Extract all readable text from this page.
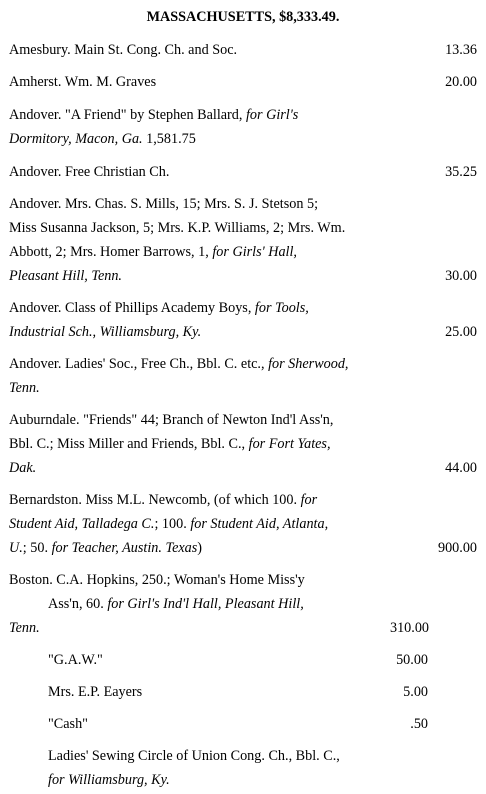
MASSACHUSETTS, $8,333.49.
Amesbury. Main St. Cong. Ch. and Soc.	13.36
Amherst. Wm. M. Graves	20.00
Andover. "A Friend" by Stephen Ballard, for Girl's Dormitory, Macon, Ga. 1,581.75
Andover. Free Christian Ch.	35.25
Andover. Mrs. Chas. S. Mills, 15; Mrs. S. J. Stetson 5; Miss Susanna Jackson, 5; Mrs. K.P. Williams, 2; Mrs. Wm. Abbott, 2; Mrs. Homer Barrows, 1, for Girls' Hall, Pleasant Hill, Tenn.	30.00
Andover. Class of Phillips Academy Boys, for Tools, Industrial Sch., Williamsburg, Ky.	25.00
Andover. Ladies' Soc., Free Ch., Bbl. C. etc., for Sherwood, Tenn.
Auburndale. "Friends" 44; Branch of Newton Ind'l Ass'n, Bbl. C.; Miss Miller and Friends, Bbl. C., for Fort Yates, Dak.	44.00
Bernardston. Miss M.L. Newcomb, (of which 100. for Student Aid, Talladega C.; 100. for Student Aid, Atlanta, U.; 50. for Teacher, Austin. Texas)	900.00
Boston. C.A. Hopkins, 250.; Woman's Home Miss'y
Ass'n, 60. for Girl's Ind'l Hall, Pleasant Hill,
Tenn.	310.00
"G.A.W."	50.00
Mrs. E.P. Eayers	5.00
"Cash"	.50
Ladies' Sewing Circle of Union Cong. Ch., Bbl. C., for Williamsburg, Ky.
